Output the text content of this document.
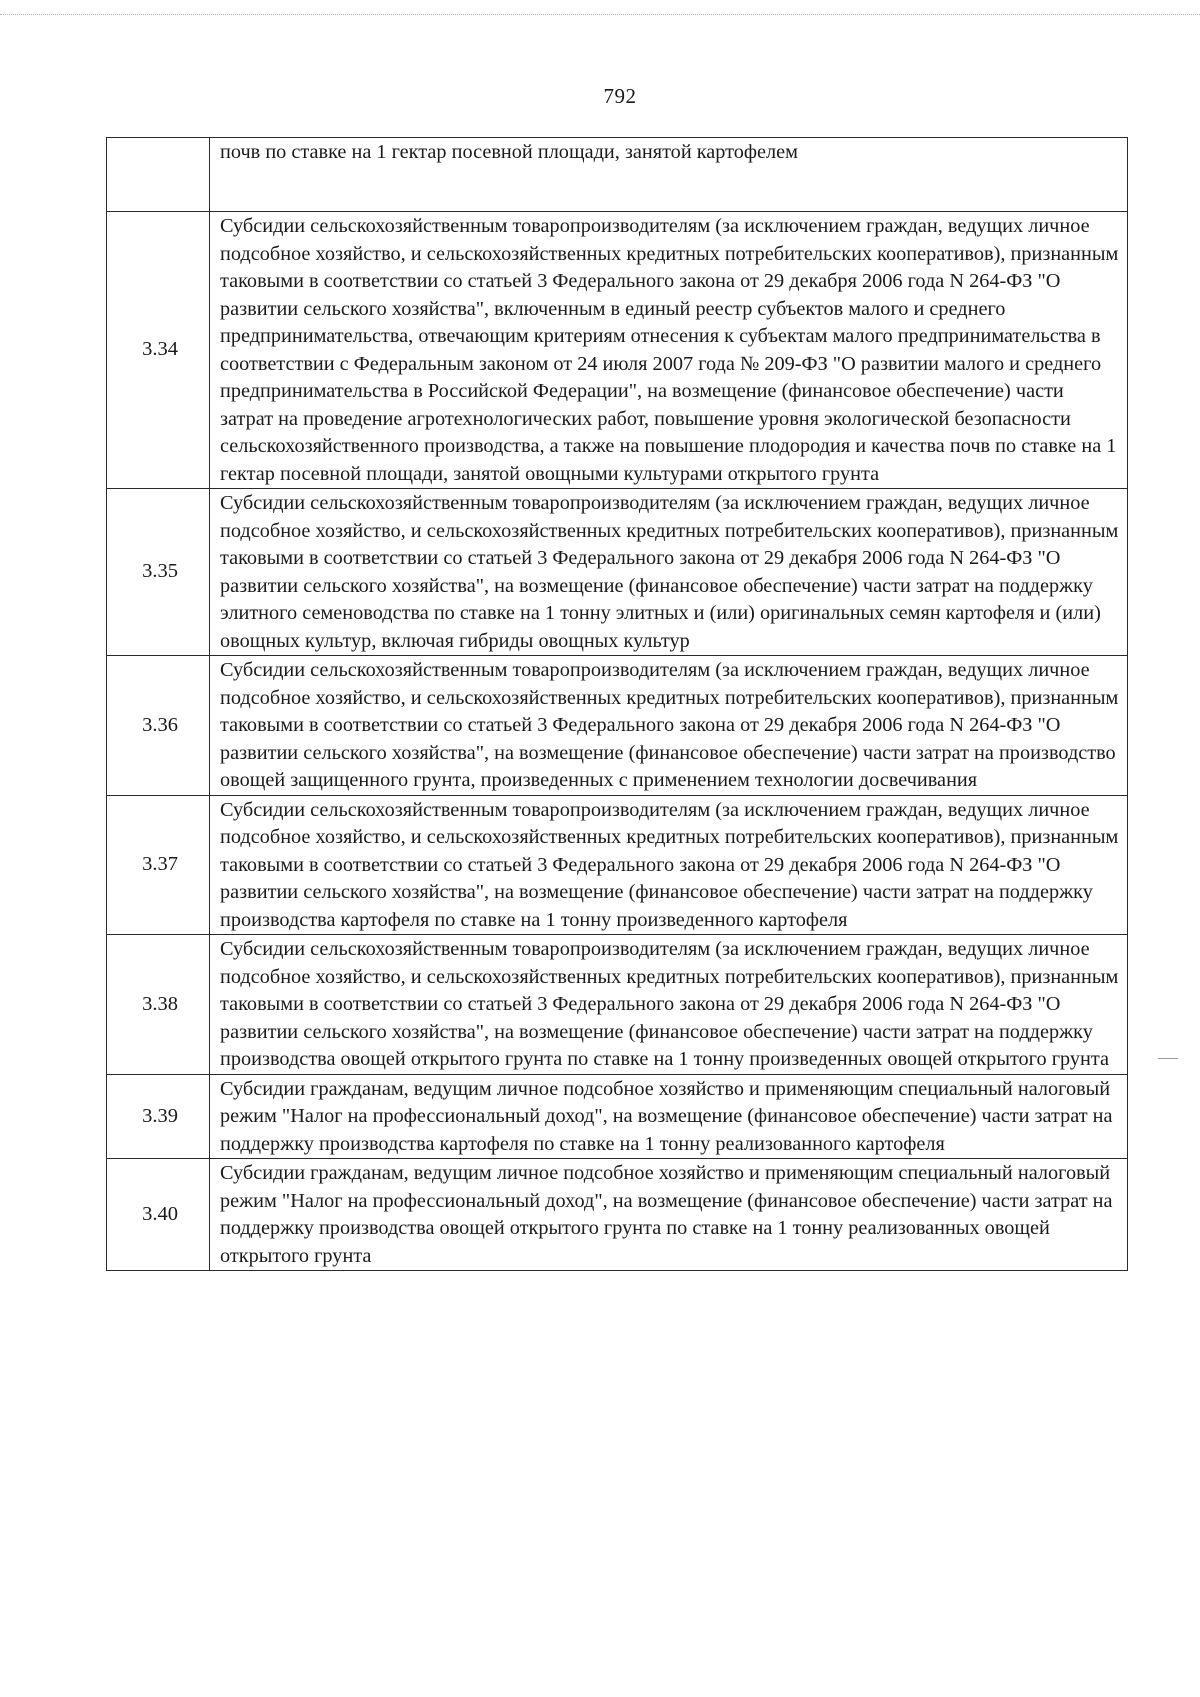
792
	почв по ставке на 1 гектар посевной площади, занятой картофелем
3.34	Субсидии сельскохозяйственным товаропроизводителям (за исключением граждан, ведущих личное подсобное хозяйство, и сельскохозяйственных кредитных потребительских кооперативов), признанным таковыми в соответствии со статьей 3 Федерального закона от 29 декабря 2006 года N 264-ФЗ "О развитии сельского хозяйства", включенным в единый реестр субъектов малого и среднего предпринимательства, отвечающим критериям отнесения к субъектам малого предпринимательства в соответствии с Федеральным законом от 24 июля 2007 года № 209-ФЗ "О развитии малого и среднего предпринимательства в Российской Федерации", на возмещение (финансовое обеспечение) части затрат на проведение агротехнологических работ, повышение уровня экологической безопасности сельскохозяйственного производства, а также на повышение плодородия и качества почв по ставке на 1 гектар посевной площади, занятой овощными культурами открытого грунта
3.35	Субсидии сельскохозяйственным товаропроизводителям (за исключением граждан, ведущих личное подсобное хозяйство, и сельскохозяйственных кредитных потребительских кооперативов), признанным таковыми в соответствии со статьей 3 Федерального закона от 29 декабря 2006 года N 264-ФЗ "О развитии сельского хозяйства", на возмещение (финансовое обеспечение) части затрат на поддержку элитного семеноводства по ставке на 1 тонну элитных и (или) оригинальных семян картофеля и (или) овощных культур, включая гибриды овощных культур
3.36	Субсидии сельскохозяйственным товаропроизводителям (за исключением граждан, ведущих личное подсобное хозяйство, и сельскохозяйственных кредитных потребительских кооперативов), признанным таковыми в соответствии со статьей 3 Федерального закона от 29 декабря 2006 года N 264-ФЗ "О развитии сельского хозяйства", на возмещение (финансовое обеспечение) части затрат на производство овощей защищенного грунта, произведенных с применением технологии досвечивания
3.37	Субсидии сельскохозяйственным товаропроизводителям (за исключением граждан, ведущих личное подсобное хозяйство, и сельскохозяйственных кредитных потребительских кооперативов), признанным таковыми в соответствии со статьей 3 Федерального закона от 29 декабря 2006 года N 264-ФЗ "О развитии сельского хозяйства", на возмещение (финансовое обеспечение) части затрат на поддержку производства картофеля по ставке на 1 тонну произведенного картофеля
3.38	Субсидии сельскохозяйственным товаропроизводителям (за исключением граждан, ведущих личное подсобное хозяйство, и сельскохозяйственных кредитных потребительских кооперативов), признанным таковыми в соответствии со статьей 3 Федерального закона от 29 декабря 2006 года N 264-ФЗ "О развитии сельского хозяйства", на возмещение (финансовое обеспечение) части затрат на поддержку производства овощей открытого грунта по ставке на 1 тонну произведенных овощей открытого грунта
3.39	Субсидии гражданам, ведущим личное подсобное хозяйство и применяющим специальный налоговый режим "Налог на профессиональный доход", на возмещение (финансовое обеспечение) части затрат на поддержку производства картофеля по ставке на 1 тонну реализованного картофеля
3.40	Субсидии гражданам, ведущим личное подсобное хозяйство и применяющим специальный налоговый режим "Налог на профессиональный доход", на возмещение (финансовое обеспечение) части затрат на поддержку производства овощей открытого грунта по ставке на 1 тонну реализованных овощей открытого грунта
